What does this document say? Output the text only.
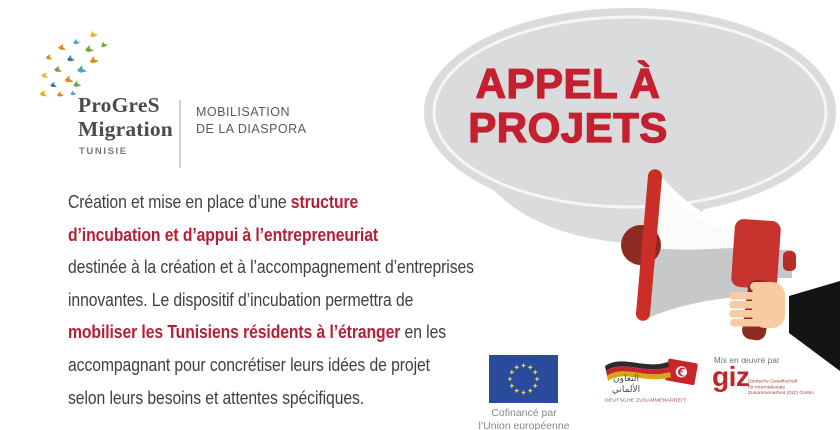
ProGreS
Migration
TUNISIE
MOBILISATION
DE LA DIASPORA
APPEL À
PROJETS
Création et mise en place d’une structure
d’incubation et d’appui à l’entrepreneuriat
destinée à la création et à l’accompagnement d’entreprises
innovantes. Le dispositif d’incubation permettra de
mobiliser les Tunisiens résidents à l’étranger en les
accompagnant pour concrétiser leurs idées de projet
selon leurs besoins et attentes spécifiques.
Cofinancé par
l’Union européenne
التعاون
الألماني
DEUTSCHE ZUSAMMENARBEIT
Mis en œuvre par
giz
Deutsche Gesellschaft
für Internationale
Zusammenarbeit (GIZ) GmbH
